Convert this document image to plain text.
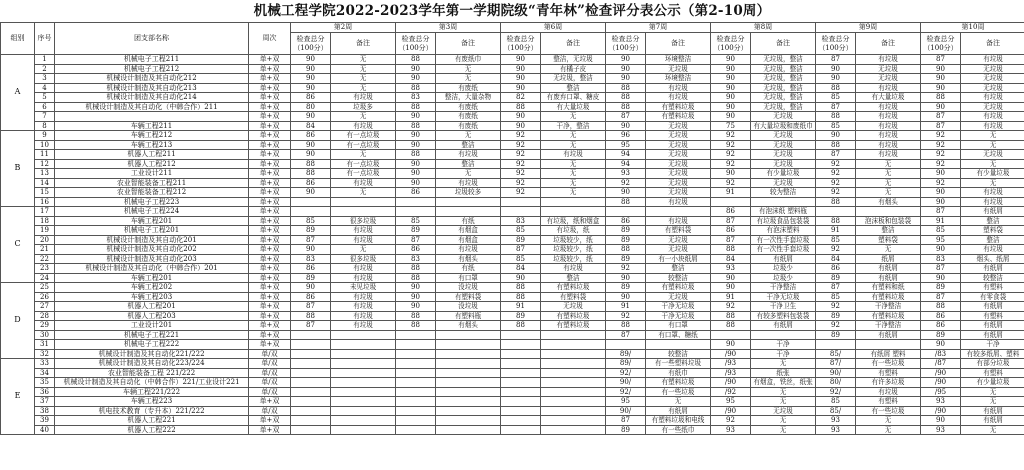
机械工程学院2022-2023学年第一学期院级“青年林”检查评分表公示（第2-10周）
组别	序号	团支部名称	周次	第2周		第3周		第6周		第7周		第8周		第9周		第10周	
				检查总分（100分）	备注	检查总分（100分）	备注	检查总分（100分）	备注	检查总分（100分）	备注	检查总分（100分）	备注	检查总分（100分）	备注	检查总分（100分）	备注
A	1	机械电子工程211	单+双	90	无	88	有废纸巾	90	整洁，无垃圾	90	环境整洁	90	无垃圾，整洁	87	有垃圾	87	有垃圾
	2	机械电子工程212	单+双	90	无	90	无	90	有橘子皮	90	无垃圾	90	无垃圾，整洁	90	无垃圾	90	无垃圾
	3	机械设计制造及其自动化212	单+双	90	无	90	无	90	无垃圾，整洁	90	环境整洁	90	无垃圾，整洁	90	无垃圾	90	无垃圾
	4	机械设计制造及其自动化213	单+双	90	无	88	有废纸	90	整洁	88	有垃圾	90	无垃圾，整洁	88	有垃圾	90	无垃圾
	5	机械设计制造及其自动化214	单+双	86	有垃圾	83	整洁，大量杂物	82	有废弃口罩、糖皮	88	有垃圾	90	无垃圾，整洁	85	有大量垃圾	88	有垃圾
	6	机械设计制造及其自动化（中韩合作）211	单+双	80	垃圾多	88	有废纸	88	有大量垃圾	88	有塑料垃圾	90	无垃圾，整洁	87	有垃圾	90	无垃圾
	7		单+双	90	无	90	有废纸	90	无	87	有塑料垃圾	90	无垃圾	88	有垃圾	87	有垃圾
	8	车辆工程211	单+双	84	有垃圾	88	有废纸	90	干净，整洁	90	无垃圾	75	有大量垃圾和废纸巾	85	有垃圾	87	有垃圾
B	9	车辆工程212	单+双	86	有一点垃圾	90	无	92	无	96	无垃圾	92	无垃圾	90	有垃圾	92	无
	10	车辆工程213	单+双	90	有一点垃圾	90	整洁	92	无	95	无垃圾	92	无垃圾	88	有垃圾	92	无
	11	机器人工程211	单+双	90	无	88	有垃圾	92	有垃圾	94	无垃圾	92	无垃圾	87	有垃圾	92	无垃圾
	12	机器人工程212	单+双	88	有一点垃圾	90	整洁	92	无	94	无垃圾	92	无垃圾	92	无	92	无
	13	工业设计211	单+双	88	有一点垃圾	90	无	92	无	93	无垃圾	90	有少量垃圾	92	无	90	有少量垃圾
	14	农业智能装备工程211	单+双	86	有垃圾	90	有垃圾	92	无	92	无垃圾	92	无垃圾	92	无	92	无
	15	农业智能装备工程212	单+双	90	无	86	垃圾较多	92	无	90	无垃圾	91	较为整洁	92	无	90	有垃圾
	16	机械电子工程223	单+双							88	有垃圾			88	有烟头	90	有垃圾
C	17	机械电子工程224	单+双									86	有泡沫纸 塑料瓶			87	有纸屑
	18	车辆工程201	单+双	85	很多垃圾	85	有纸	83	有垃圾，纸和烟盒	86	有垃圾	87	有垃圾食品包装袋	88	泡沫板和包装袋	91	整洁
	19	机械电子工程201	单+双	89	有垃圾	89	有烟盒	85	有垃圾，纸	89	有塑料袋	86	有泡沫塑料	91	整洁	85	塑料袋
	20	机械设计制造及其自动化201	单+双	87	有垃圾	87	有烟盒	89	垃圾较少，纸	89	无垃圾	87	有一次性手套垃圾	85	塑料袋	95	整洁
	21	机械设计制造及其自动化202	单+双	90	无	86	有垃圾	87	垃圾较少，纸	88	无垃圾	88	有一次性手套垃圾	92	无	90	有垃圾
	22	机械设计制造及其自动化203	单+双	83	很多垃圾	83	有烟头	85	垃圾较少，纸	89	有一小块纸屑	84	有纸屑	84	纸屑	83	烟头、纸屑
	23	机械设计制造及其自动化（中韩合作）201	单+双	86	有垃圾	88	有纸	84	有垃圾	92	整洁	93	垃圾少	86	有纸屑	87	有纸屑
	24	车辆工程201	单+双	89	有垃圾	88	有口罩	90	整洁	90	较整洁	90	垃圾少	89	有纸屑	90	较整洁
D	25	车辆工程202	单+双	90	未见垃圾	90	没垃圾	88	有塑料垃圾	89	有塑料垃圾	90	干净整洁	87	有塑料和纸	89	有塑料
	26	车辆工程203	单+双	86	有垃圾	90	有塑料袋	88	有塑料袋	90	无垃圾	91	干净无垃圾	85	有塑料垃圾	87	有零食袋
	27	机器人工程201	单+双	87	有垃圾	90	没垃圾	91	无垃圾	91	干净无垃圾	92	干净卫生	92	干净整洁	88	有纸屑
	28	机器人工程203	单+双	88	有垃圾	88	有塑料瓶	89	有塑料垃圾	92	干净无垃圾	88	有较多塑料包装袋	89	有塑料垃圾	86	有塑料
	29	工业设计201	单+双	87	有垃圾	88	有烟头	88	有塑料垃圾	88	有口罩	88	有纸屑	92	干净整洁	86	有纸屑
	30	机械电子工程221	单+双							87	有口罩、糖纸			89	有纸屑	89	有纸屑
	31	机械电子工程222	单+双									90	干净			90	干净
	32	机械设计制造及其自动化221/222	单/双							89/	较整洁	/90	干净	85/	有纸屑 塑料	/83	有较多纸屑、塑料
E	33	机械设计制造及其自动化223/224	单/双							89/	有一些塑料垃圾	/93	无	87/	有一些垃圾	/87	有部分垃圾
	34	农业智能装备工程 221/222	单/双							92/	有纸巾	/93	纸张	90/	有塑料	/90	有塑料
	35	机械设计制造及其自动化（中韩合作）221/工业设计221	单/双							90/	有塑料垃圾	/90	有烟盒，铁丝，纸张	80/	有许多垃圾	/90	有少量垃圾
	36	车辆工程221/222	单/双							92/	有一些垃圾	/92	无	92/	有垃圾	/95	无
	37	车辆工程223	单+双							95	无	95	无	85	有塑料	93	无
	38	机电技术教育（专升本）221/222	单/双							90/	有纸屑	/90	无垃圾	85/	有一些垃圾	/90	有纸屑
	39	机器人工程221	单+双							87	有塑料垃圾和电线	92	无	93	无	90	有纸屑
	40	机器人工程222	单+双							89	有一些纸巾	93	无	93	无	93	无
